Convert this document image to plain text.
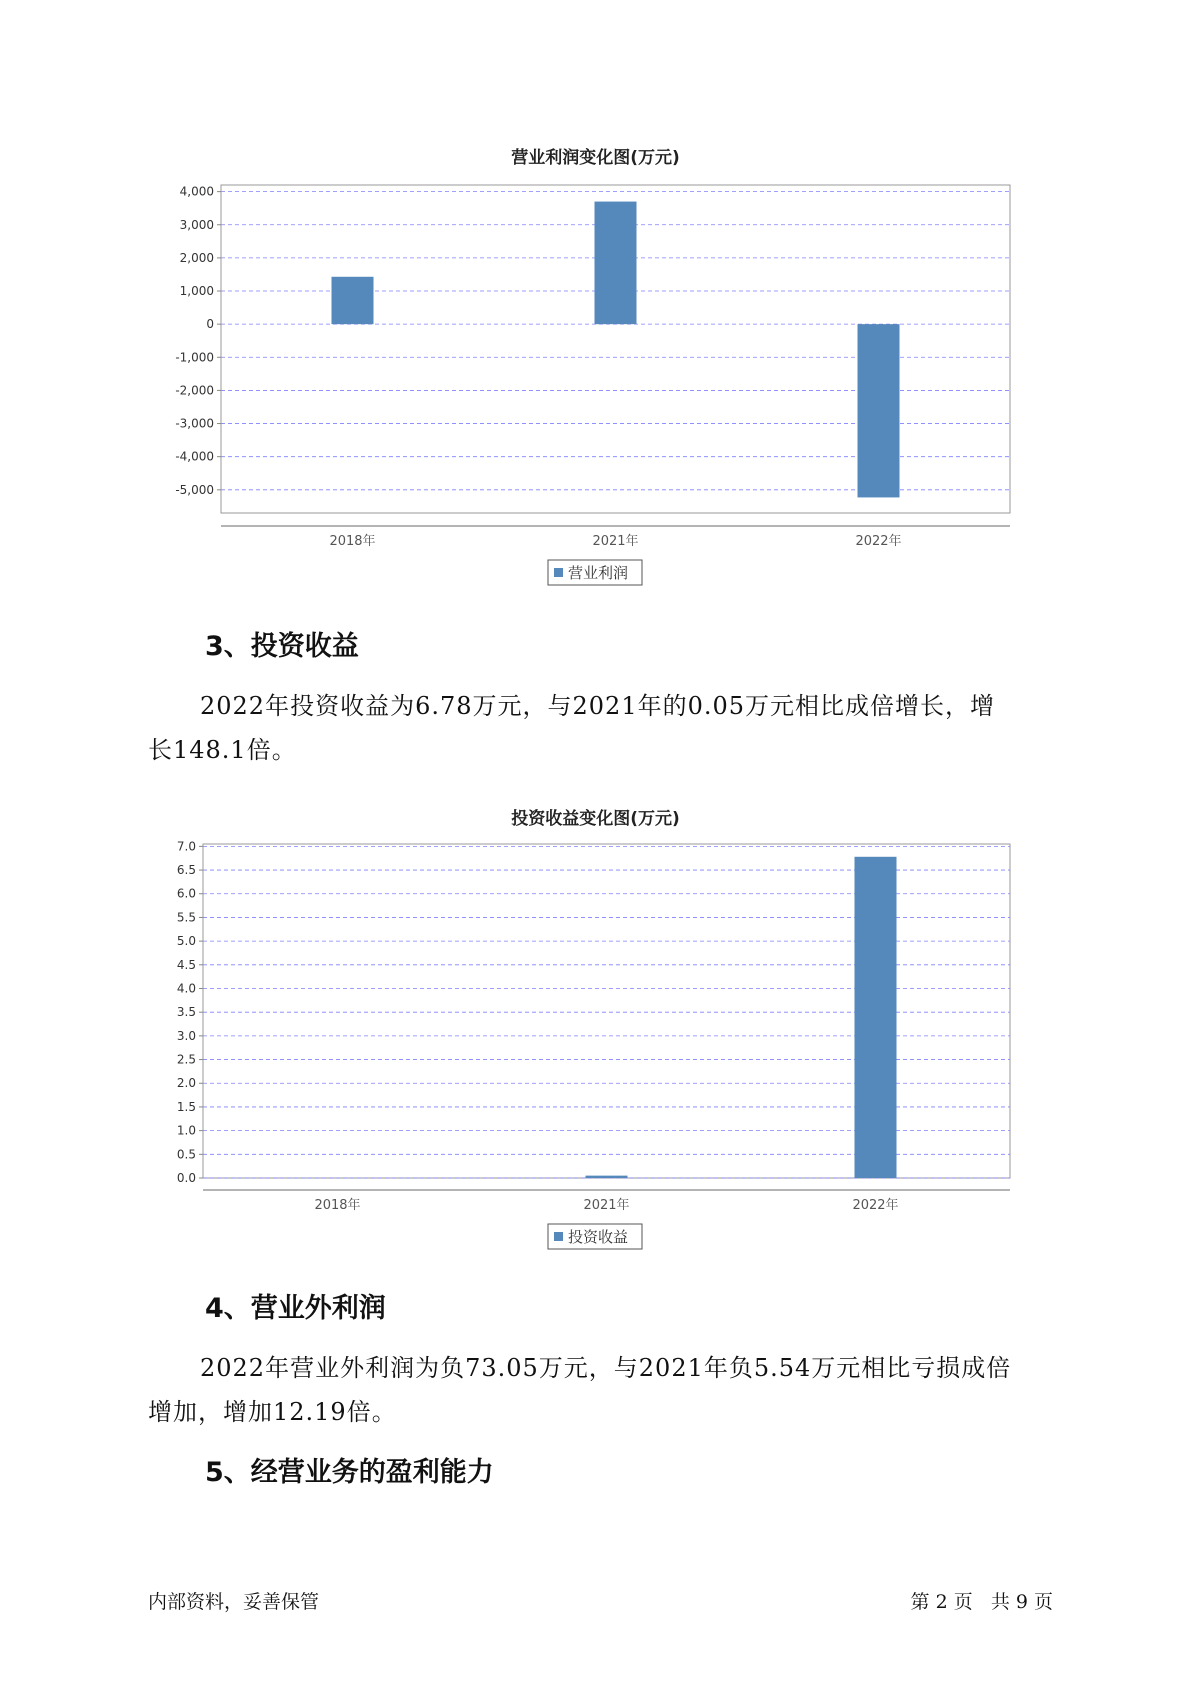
营业利润变化图(万元)
4,000
3,000
2,000
1,000
0
-1,000
-2,000
-3,000
-4,000
-5,000
2018年	2021年	2022年
营业利润
3、投资收益

2022年投资收益为6.78万元，与2021年的0.05万元相比成倍增长，增
长148.1倍。

投资收益变化图(万元)
7.0
6.5
6.0
5.5
5.0
4.5
4.0
3.5
3.0
2.5
2.0
1.5
1.0
0.5
0.0
2018年	2021年	2022年
投资收益
4、营业外利润

2022年营业外利润为负73.05万元，与2021年负5.54万元相比亏损成倍
增加，增加12.19倍。

5、经营业务的盈利能力
内部资料，妥善保管	第 2 页   共 9 页
